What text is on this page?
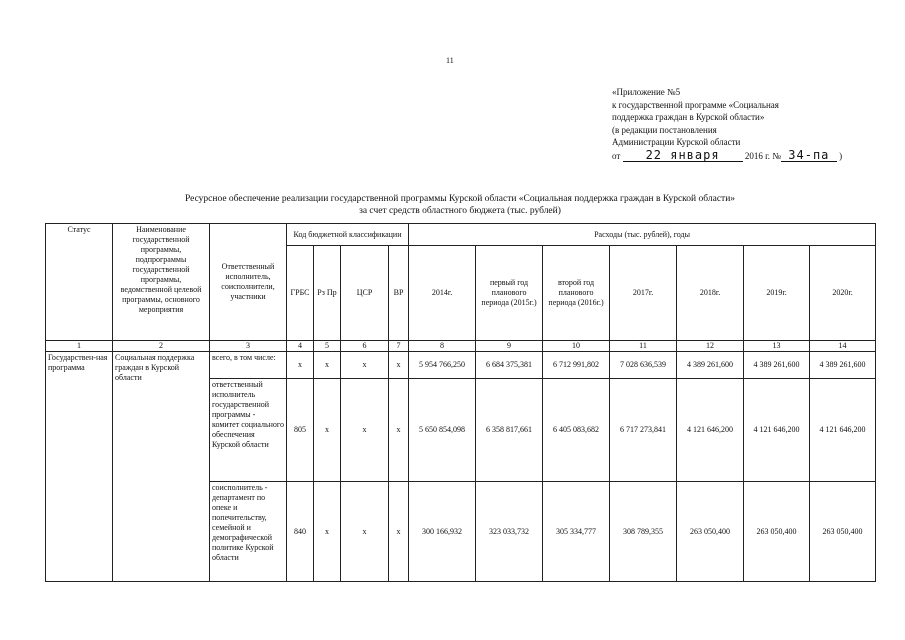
11
«Приложение №5
к государственной программе «Социальная
поддержка граждан в Курской области»
(в редакции постановления
Администрации Курской области
от 22 января	2016 г. № 34-па )
Ресурсное обеспечение реализации государственной программы Курской области «Социальная поддержка граждан в Курской области»
за счет средств областного бюджета (тыс. рублей)
Статус	Наименование государственной программы, подпрограммы государственной программы, ведомственной целевой программы, основного мероприятия	Ответственный исполнитель, соисполнители, участники	Код бюджетной классификации				Расходы (тыс. рублей), годы						
			ГРБС	Рз Пр	ЦСР	ВР	2014г.	первый год планового периода (2015г.)	второй год планового периода (2016г.)	2017г.	2018г.	2019г.	2020г.
1	2	3	4	5	6	7	8	9	10	11	12	13	14
Государствен-ная программа	Социальная поддержка граждан в Курской области	всего, в том числе:	x	x	x	x	5 954 766,250	6 684 375,381	6 712 991,802	7 028 636,539	4 389 261,600	4 389 261,600	4 389 261,600
		ответственный исполнитель государственной программы - комитет социального обеспечения Курской области	805	x	x	x	5 650 854,098	6 358 817,661	6 405 083,682	6 717 273,841	4 121 646,200	4 121 646,200	4 121 646,200
		соисполнитель - департамент по опеке и попечительству, семейной и демографической политике Курской области	840	x	x	x	300 166,932	323 033,732	305 334,777	308 789,355	263 050,400	263 050,400	263 050,400
